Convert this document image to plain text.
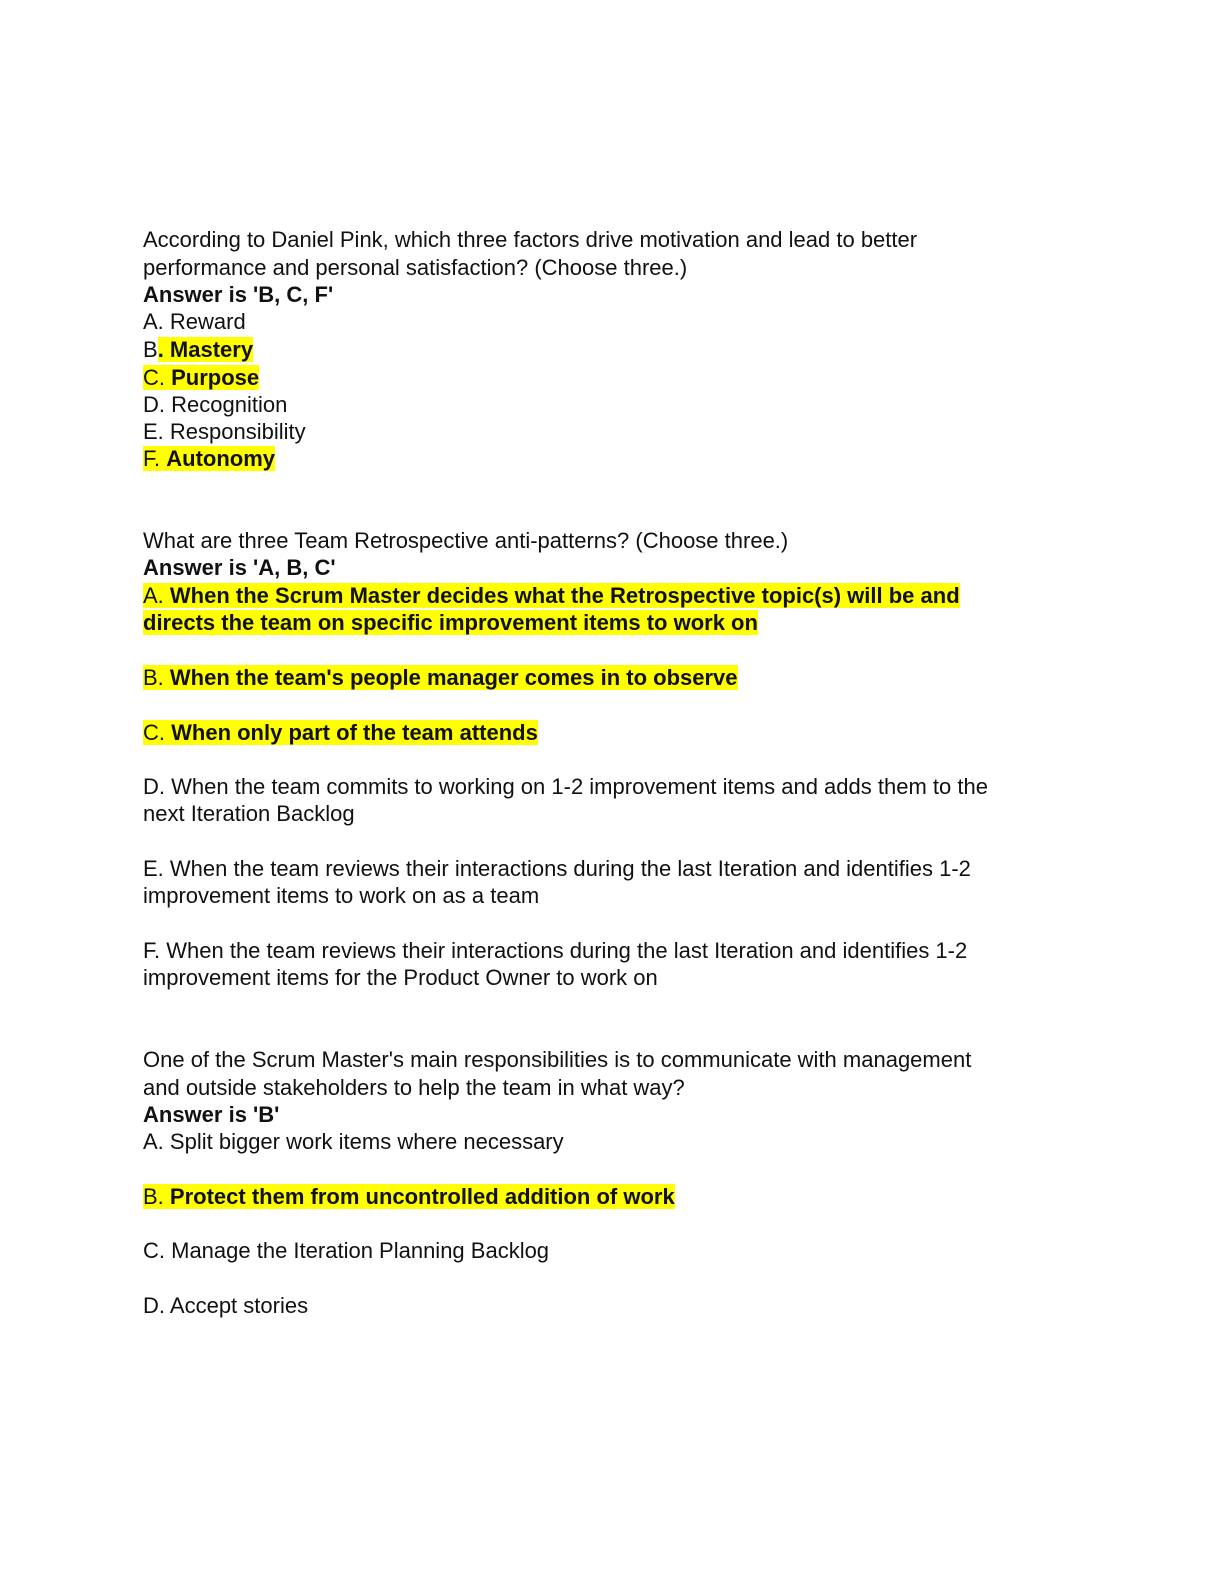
According to Daniel Pink, which three factors drive motivation and lead to better
performance and personal satisfaction? (Choose three.)
Answer is 'B, C, F'
A. Reward
B. Mastery
C. Purpose
D. Recognition
E. Responsibility
F. Autonomy
What are three Team Retrospective anti-patterns? (Choose three.)
Answer is 'A, B, C'
A. When the Scrum Master decides what the Retrospective topic(s) will be and
directs the team on specific improvement items to work on
B. When the team's people manager comes in to observe
C. When only part of the team attends
D. When the team commits to working on 1-2 improvement items and adds them to the
next Iteration Backlog
E. When the team reviews their interactions during the last Iteration and identifies 1-2
improvement items to work on as a team
F. When the team reviews their interactions during the last Iteration and identifies 1-2
improvement items for the Product Owner to work on
One of the Scrum Master's main responsibilities is to communicate with management
and outside stakeholders to help the team in what way?
Answer is 'B'
A. Split bigger work items where necessary
B. Protect them from uncontrolled addition of work
C. Manage the Iteration Planning Backlog
D. Accept stories
